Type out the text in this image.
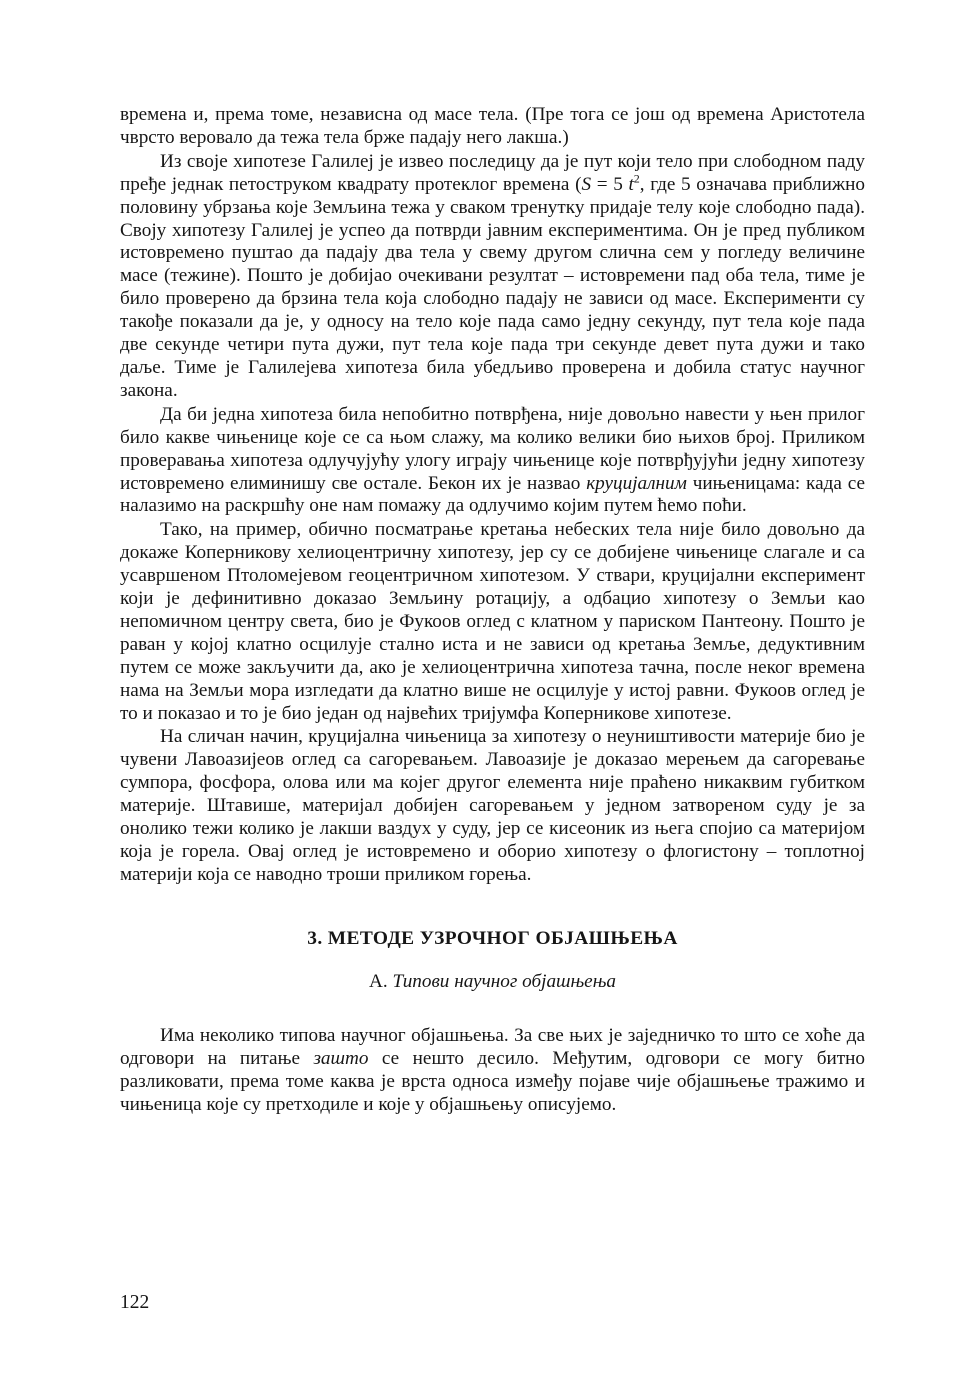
времена и, према томе, независна од масе тела. (Пре тога се још од времена Аристотела чврсто веровало да тежа тела брже падају него лакша.)

Из своје хипотезе Галилеј је извео последицу да је пут који тело при слободном паду пређе једнак петоструком квадрату протеклог времена (S = 5 $t^2$, где 5 означава приближно половину убрзања које Земљина тежа у сваком тренутку придаје телу које слободно пада). Своју хипотезу Галилеј је успео да потврди јавним експериментима. Он је пред публиком истовремено пуштао да падају два тела у свему другом слична сем у погледу величине масе (тежине). Пошто је добијао очекивани резултат – истовремени пад оба тела, тиме је било проверено да брзина тела која слободно падају не зависи од масе. Експерименти су такође показали да је, у односу на тело које пада само једну секунду, пут тела које пада две секунде четири пута дужи, пут тела које пада три секунде девет пута дужи и тако даље. Тиме је Галилејева хипотеза била убедљиво проверена и добила статус научног закона.

Да би једна хипотеза била непобитно потврђена, није довољно навести у њен прилог било какве чињенице које се са њом слажу, ма колико велики био њихов број. Приликом проверавања хипотеза одлучујућу улогу играју чињенице које потврђујући једну хипотезу истовремено елиминишу све остале. Бекон их је назвао круцијалним чињеницама: када се налазимо на раскршћу оне нам помажу да одлучимо којим путем ћемо поћи.

Тако, на пример, обично посматрање кретања небеских тела није било довољно да докаже Коперникову хелиоцентричну хипотезу, јер су се добијене чињенице слагале и са усавршеном Птоломејевом геоцентричном хипотезом. У ствари, круцијални експеримент који је дефинитивно доказао Земљину ротацију, а одбацио хипотезу о Земљи као непомичном центру света, био је Фукоов оглед с клатном у париском Пантеону. Пошто је раван у којој клатно осцилује стално иста и не зависи од кретања Земље, дедуктивним путем се може закључити да, ако је хелиоцентрична хипотеза тачна, после неког времена нама на Земљи мора изгледати да клатно више не осцилује у истој равни. Фукоов оглед је то и показао и то је био један од највећих тријумфа Коперникове хипотезе.

На сличан начин, круцијална чињеница за хипотезу о неуништивости материје био је чувени Лавоазијеов оглед са сагоревањем. Лавоазије је доказао мерењем да сагоревање сумпора, фосфора, олова или ма којег другог елемента није праћено никаквим губитком материје. Штавише, материјал добијен сагоревањем у једном затвореном суду је за онолико тежи колико је лакши ваздух у суду, јер се кисеоник из њега спојио са материјом која је горела. Овај оглед је истовремено и оборио хипотезу о флогистону – топлотној материји која се наводно троши приликом горења.

3. МЕТОДЕ УЗРОЧНОГ ОБЈАШЊЕЊА
А. Типови научног објашњења

Има неколико типова научног објашњења. За све њих је заједничко то што се хоће да одговори на питање зашто се нешто десило. Међутим, одговори се могу битно разликовати, према томе каква је врста односа између појаве чије објашњење тражимо и чињеница које су претходиле и које у објашњењу описујемо.

122
